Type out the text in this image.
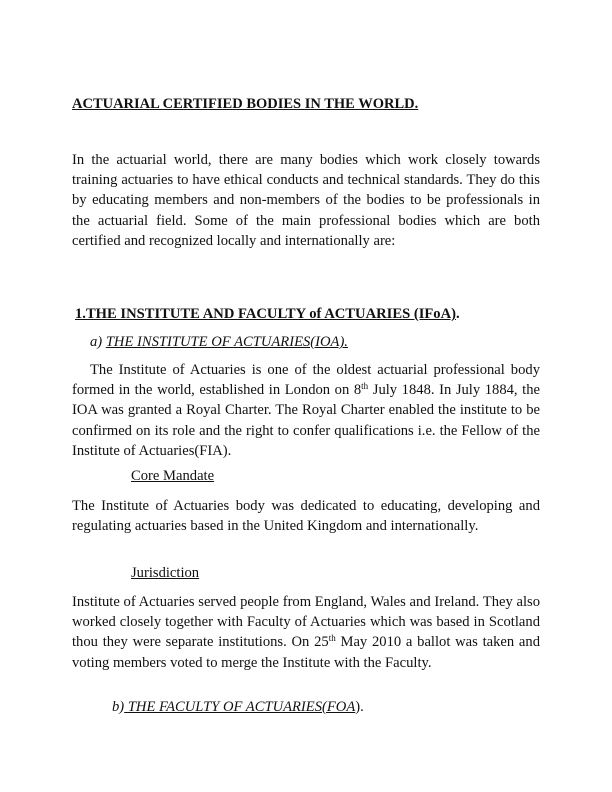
ACTUARIAL CERTIFIED BODIES IN THE WORLD.
In the actuarial world, there are many bodies which work closely towards training actuaries to have ethical conducts and technical standards. They do this by educating members and non-members of the bodies to be professionals in the actuarial field. Some of the main professional bodies which are both certified and recognized locally and internationally are:
1.THE INSTITUTE AND FACULTY of ACTUARIES (IFoA).
a) THE INSTITUTE OF ACTUARIES(IOA).
The Institute of Actuaries is one of the oldest actuarial professional body formed in the world, established in London on 8th July 1848. In July 1884, the IOA was granted a Royal Charter. The Royal Charter enabled the institute to be confirmed on its role and the right to confer qualifications i.e. the Fellow of the Institute of Actuaries(FIA).
Core Mandate
The Institute of Actuaries body was dedicated to educating, developing and regulating actuaries based in the United Kingdom and internationally.
Jurisdiction
Institute of Actuaries served people from England, Wales and Ireland. They also worked closely together with Faculty of Actuaries which was based in Scotland thou they were separate institutions. On 25th May 2010 a ballot was taken and voting members voted to merge the Institute with the Faculty.
b) THE FACULTY OF ACTUARIES(FOA).
